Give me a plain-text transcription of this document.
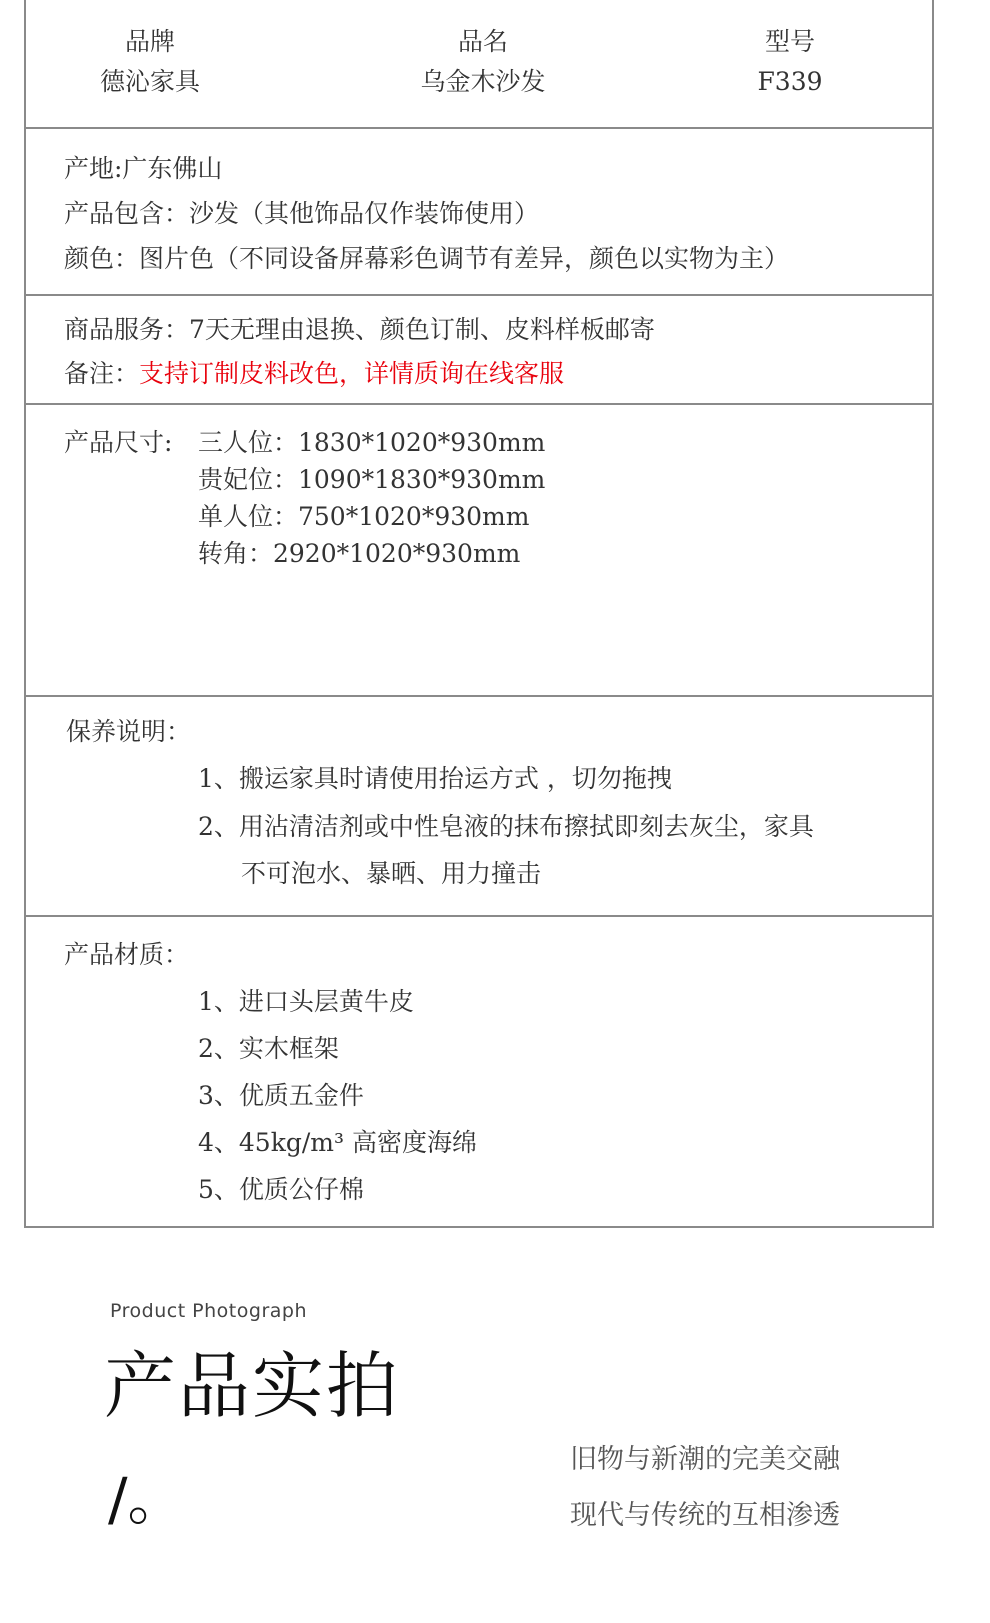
品牌
德沁家具
品名
乌金木沙发
型号
F339
产地:广东佛山
产品包含：沙发（其他饰品仅作装饰使用）
颜色：图片色（不同设备屏幕彩色调节有差异，颜色以实物为主）
商品服务：7天无理由退换、颜色订制、皮料样板邮寄
备注：支持订制皮料改色，详情质询在线客服
产品尺寸: 三人位：1830*1020*930mm
贵妃位：1090*1830*930mm
单人位：750*1020*930mm
转角：2920*1020*930mm
保养说明：
1、搬运家具时请使用抬运方式 ，切勿拖拽
2、用沾清洁剂或中性皂液的抹布擦拭即刻去灰尘，家具
不可泡水、暴晒、用力撞击
产品材质：
1、进口头层黄牛皮
2、实木框架
3、优质五金件
4、45kg/m³ 高密度海绵
5、优质公仔棉
Product Photograph
产品实拍
/。
旧物与新潮的完美交融
现代与传统的互相渗透
